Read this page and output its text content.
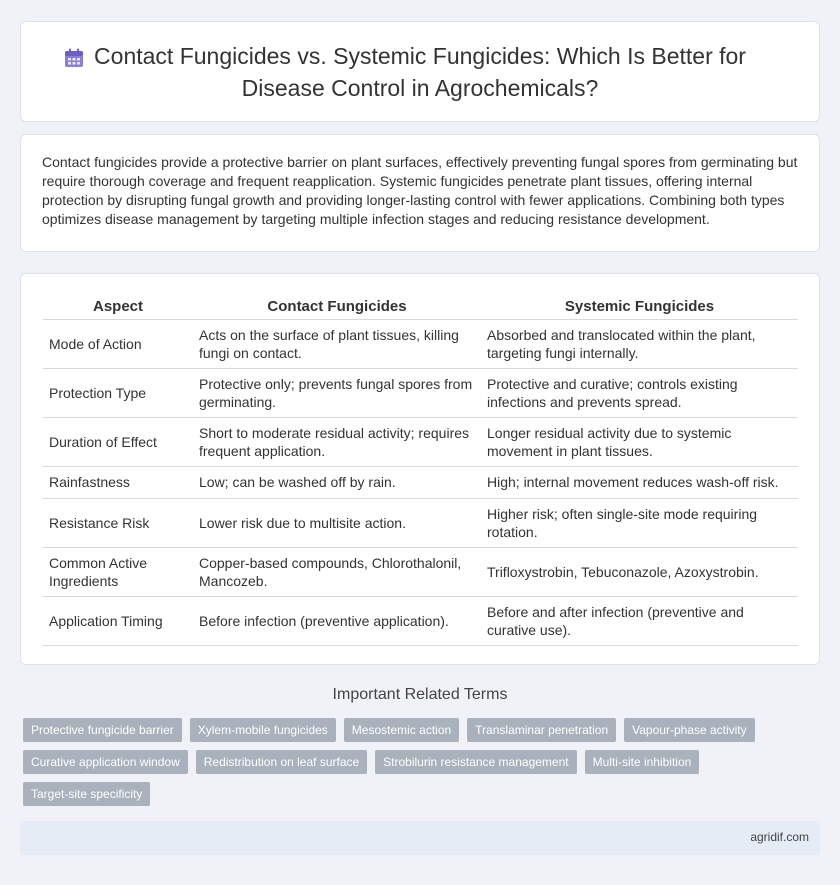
Contact Fungicides vs. Systemic Fungicides: Which Is Better for Disease Control in Agrochemicals?

Contact fungicides provide a protective barrier on plant surfaces, effectively preventing fungal spores from germinating but require thorough coverage and frequent reapplication. Systemic fungicides penetrate plant tissues, offering internal protection by disrupting fungal growth and providing longer-lasting control with fewer applications. Combining both types optimizes disease management by targeting multiple infection stages and reducing resistance development.

Aspect	Contact Fungicides	Systemic Fungicides
Mode of Action	Acts on the surface of plant tissues, killing fungi on contact.	Absorbed and translocated within the plant, targeting fungi internally.
Protection Type	Protective only; prevents fungal spores from germinating.	Protective and curative; controls existing infections and prevents spread.
Duration of Effect	Short to moderate residual activity; requires frequent application.	Longer residual activity due to systemic movement in plant tissues.
Rainfastness	Low; can be washed off by rain.	High; internal movement reduces wash-off risk.
Resistance Risk	Lower risk due to multisite action.	Higher risk; often single-site mode requiring rotation.
Common Active Ingredients	Copper-based compounds, Chlorothalonil, Mancozeb.	Trifloxystrobin, Tebuconazole, Azoxystrobin.
Application Timing	Before infection (preventive application).	Before and after infection (preventive and curative use).
Important Related Terms
Protective fungicide barrier	Xylem-mobile fungicides	Mesostemic action	Translaminar penetration	Vapour-phase activity
Curative application window	Redistribution on leaf surface	Strobilurin resistance management	Multi-site inhibition
Target-site specificity
agridif.com
